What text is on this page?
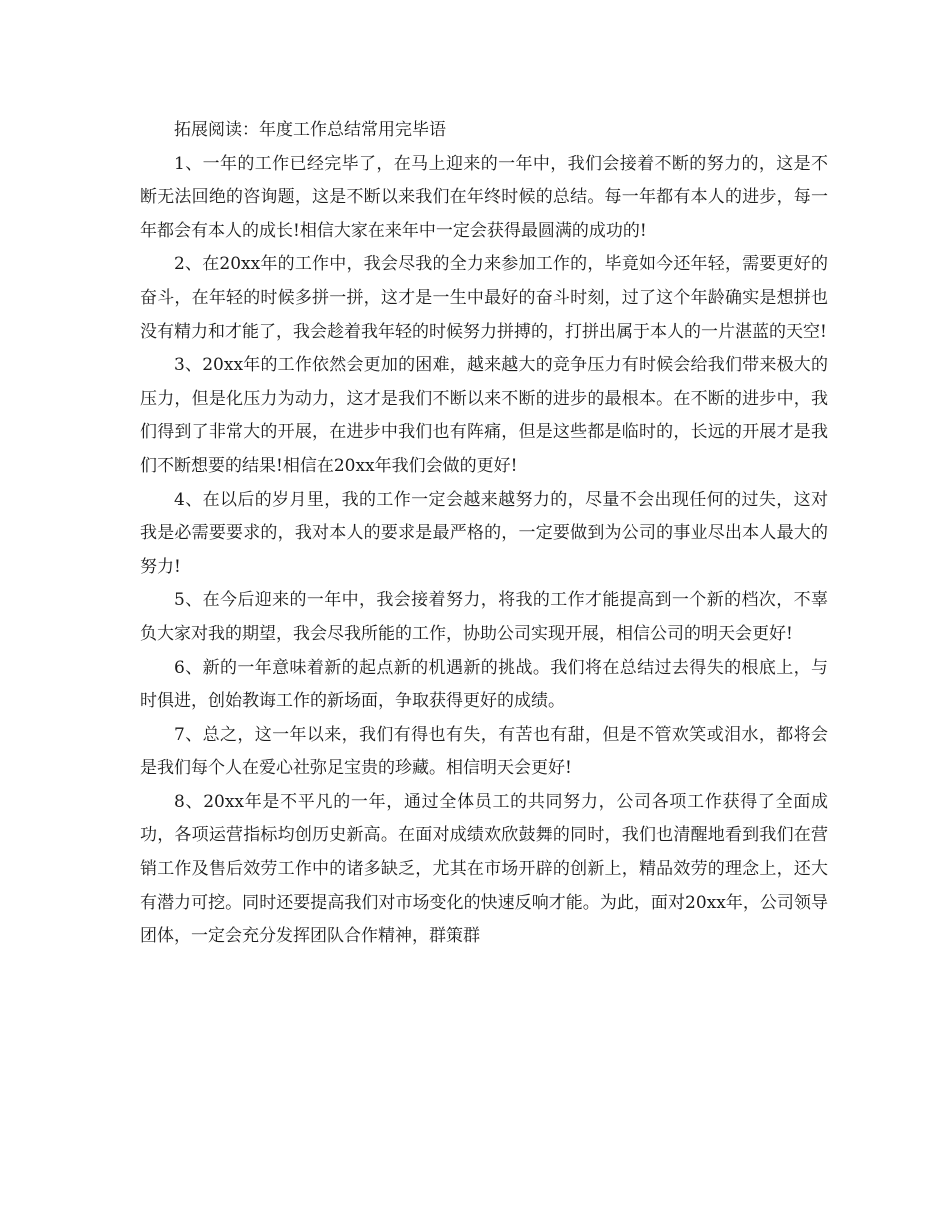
拓展阅读：年度工作总结常用完毕语

1、一年的工作已经完毕了，在马上迎来的一年中，我们会接着不断的努力的，这是不断无法回绝的咨询题，这是不断以来我们在年终时候的总结。每一年都有本人的进步，每一年都会有本人的成长!相信大家在来年中一定会获得最圆满的成功的!

2、在20xx年的工作中，我会尽我的全力来参加工作的，毕竟如今还年轻，需要更好的奋斗，在年轻的时候多拼一拼，这才是一生中最好的奋斗时刻，过了这个年龄确实是想拼也没有精力和才能了，我会趁着我年轻的时候努力拼搏的，打拼出属于本人的一片湛蓝的天空!

3、20xx年的工作依然会更加的困难，越来越大的竞争压力有时候会给我们带来极大的压力，但是化压力为动力，这才是我们不断以来不断的进步的最根本。在不断的进步中，我们得到了非常大的开展，在进步中我们也有阵痛，但是这些都是临时的，长远的开展才是我们不断想要的结果!相信在20xx年我们会做的更好!

4、在以后的岁月里，我的工作一定会越来越努力的，尽量不会出现任何的过失，这对我是必需要要求的，我对本人的要求是最严格的，一定要做到为公司的事业尽出本人最大的努力!

5、在今后迎来的一年中，我会接着努力，将我的工作才能提高到一个新的档次，不辜负大家对我的期望，我会尽我所能的工作，协助公司实现开展，相信公司的明天会更好!

6、新的一年意味着新的起点新的机遇新的挑战。我们将在总结过去得失的根底上，与时俱进，创始教诲工作的新场面，争取获得更好的成绩。

7、总之，这一年以来，我们有得也有失，有苦也有甜，但是不管欢笑或泪水，都将会是我们每个人在爱心社弥足宝贵的珍藏。相信明天会更好!

8、20xx年是不平凡的一年，通过全体员工的共同努力，公司各项工作获得了全面成功，各项运营指标均创历史新高。在面对成绩欢欣鼓舞的同时，我们也清醒地看到我们在营销工作及售后效劳工作中的诸多缺乏，尤其在市场开辟的创新上，精品效劳的理念上，还大有潜力可挖。同时还要提高我们对市场变化的快速反响才能。为此，面对20xx年，公司领导团体，一定会充分发挥团队合作精神，群策群
